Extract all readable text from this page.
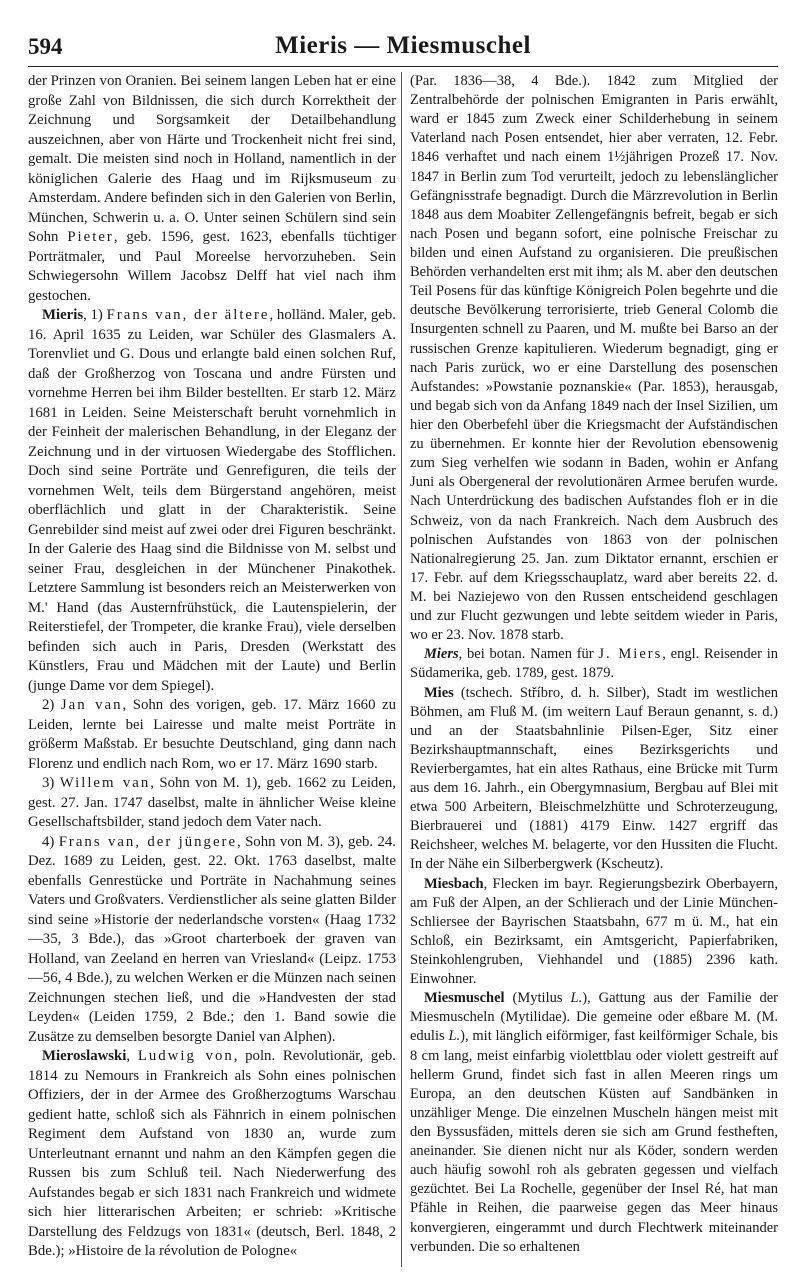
594	Mieris — Miesmuschel

der Prinzen von Oranien. Bei seinem langen Leben hat er eine große Zahl von Bildnissen, die sich durch Korrektheit der Zeichnung und Sorgsamkeit der Detailbehandlung auszeichnen, aber von Härte und Trockenheit nicht frei sind, gemalt. Die meisten sind noch in Holland, namentlich in der königlichen Galerie des Haag und im Rijksmuseum zu Amsterdam. Andere befinden sich in den Galerien von Berlin, München, Schwerin u. a. O. Unter seinen Schülern sind sein Sohn Pieter, geb. 1596, gest. 1623, ebenfalls tüchtiger Porträtmaler, und Paul Moreelse hervorzuheben. Sein Schwiegersohn Willem Jacobsz Delff hat viel nach ihm gestochen.

Mieris, 1) Frans van, der ältere, holländ. Maler, geb. 16. April 1635 zu Leiden, war Schüler des Glasmalers A. Torenvliet und G. Dous und erlangte bald einen solchen Ruf, daß der Großherzog von Toscana und andre Fürsten und vornehme Herren bei ihm Bilder bestellten. Er starb 12. März 1681 in Leiden. Seine Meisterschaft beruht vornehmlich in der Feinheit der malerischen Behandlung, in der Eleganz der Zeichnung und in der virtuosen Wiedergabe des Stofflichen. Doch sind seine Porträte und Genrefiguren, die teils der vornehmen Welt, teils dem Bürgerstand angehören, meist oberflächlich und glatt in der Charakteristik. Seine Genrebilder sind meist auf zwei oder drei Figuren beschränkt. In der Galerie des Haag sind die Bildnisse von M. selbst und seiner Frau, desgleichen in der Münchener Pinakothek. Letztere Sammlung ist besonders reich an Meisterwerken von M.' Hand (das Austernfrühstück, die Lautenspielerin, der Reiterstiefel, der Trompeter, die kranke Frau), viele derselben befinden sich auch in Paris, Dresden (Werkstatt des Künstlers, Frau und Mädchen mit der Laute) und Berlin (junge Dame vor dem Spiegel).

2) Jan van, Sohn des vorigen, geb. 17. März 1660 zu Leiden, lernte bei Lairesse und malte meist Porträte in größerm Maßstab. Er besuchte Deutschland, ging dann nach Florenz und endlich nach Rom, wo er 17. März 1690 starb.

3) Willem van, Sohn von M. 1), geb. 1662 zu Leiden, gest. 27. Jan. 1747 daselbst, malte in ähnlicher Weise kleine Gesellschaftsbilder, stand jedoch dem Vater nach.

4) Frans van, der jüngere, Sohn von M. 3), geb. 24. Dez. 1689 zu Leiden, gest. 22. Okt. 1763 daselbst, malte ebenfalls Genrestücke und Porträte in Nachahmung seines Vaters und Großvaters. Verdienstlicher als seine glatten Bilder sind seine »Historie der nederlandsche vorsten« (Haag 1732—35, 3 Bde.), das »Groot charterboek der graven van Holland, van Zeeland en herren van Vriesland« (Leipz. 1753—56, 4 Bde.), zu welchen Werken er die Münzen nach seinen Zeichnungen stechen ließ, und die »Handvesten der stad Leyden« (Leiden 1759, 2 Bde.; den 1. Band sowie die Zusätze zu demselben besorgte Daniel van Alphen).

Mieroslawski, Ludwig von, poln. Revolutionär, geb. 1814 zu Nemours in Frankreich als Sohn eines polnischen Offiziers, der in der Armee des Großherzogtums Warschau gedient hatte, schloß sich als Fähnrich in einem polnischen Regiment dem Aufstand von 1830 an, wurde zum Unterleutnant ernannt und nahm an den Kämpfen gegen die Russen bis zum Schluß teil. Nach Niederwerfung des Aufstandes begab er sich 1831 nach Frankreich und widmete sich hier litterarischen Arbeiten; er schrieb: »Kritische Darstellung des Feldzugs von 1831« (deutsch, Berl. 1848, 2 Bde.); »Histoire de la révolution de Pologne«

(Par. 1836—38, 4 Bde.). 1842 zum Mitglied der Zentralbehörde der polnischen Emigranten in Paris erwählt, ward er 1845 zum Zweck einer Schilderhebung in seinem Vaterland nach Posen entsendet, hier aber verraten, 12. Febr. 1846 verhaftet und nach einem 1½jährigen Prozeß 17. Nov. 1847 in Berlin zum Tod verurteilt, jedoch zu lebenslänglicher Gefängnisstrafe begnadigt. Durch die Märzrevolution in Berlin 1848 aus dem Moabiter Zellengefängnis befreit, begab er sich nach Posen und begann sofort, eine polnische Freischar zu bilden und einen Aufstand zu organisieren. Die preußischen Behörden verhandelten erst mit ihm; als M. aber den deutschen Teil Posens für das künftige Königreich Polen begehrte und die deutsche Bevölkerung terrorisierte, trieb General Colomb die Insurgenten schnell zu Paaren, und M. mußte bei Barso an der russischen Grenze kapitulieren. Wiederum begnadigt, ging er nach Paris zurück, wo er eine Darstellung des posenschen Aufstandes: »Powstanie poznanskie« (Par. 1853), herausgab, und begab sich von da Anfang 1849 nach der Insel Sizilien, um hier den Oberbefehl über die Kriegsmacht der Aufständischen zu übernehmen. Er konnte hier der Revolution ebensowenig zum Sieg verhelfen wie sodann in Baden, wohin er Anfang Juni als Obergeneral der revolutionären Armee berufen wurde. Nach Unterdrückung des badischen Aufstandes floh er in die Schweiz, von da nach Frankreich. Nach dem Ausbruch des polnischen Aufstandes von 1863 von der polnischen Nationalregierung 25. Jan. zum Diktator ernannt, erschien er 17. Febr. auf dem Kriegsschauplatz, ward aber bereits 22. d. M. bei Naziejewo von den Russen entscheidend geschlagen und zur Flucht gezwungen und lebte seitdem wieder in Paris, wo er 23. Nov. 1878 starb.

Miers, bei botan. Namen für J. Miers, engl. Reisender in Südamerika, geb. 1789, gest. 1879.

Mies (tschech. Stříbro, d. h. Silber), Stadt im westlichen Böhmen, am Fluß M. (im weitern Lauf Beraun genannt, s. d.) und an der Staatsbahnlinie Pilsen-Eger, Sitz einer Bezirkshauptmannschaft, eines Bezirksgerichts und Revierbergamtes, hat ein altes Rathaus, eine Brücke mit Turm aus dem 16. Jahrh., ein Obergymnasium, Bergbau auf Blei mit etwa 500 Arbeitern, Bleischmelzhütte und Schroterzeugung, Bierbrauerei und (1881) 4179 Einw. 1427 ergriff das Reichsheer, welches M. belagerte, vor den Hussiten die Flucht. In der Nähe ein Silberbergwerk (Kscheutz).

Miesbach, Flecken im bayr. Regierungsbezirk Oberbayern, am Fuß der Alpen, an der Schlierach und der Linie München-Schliersee der Bayrischen Staatsbahn, 677 m ü. M., hat ein Schloß, ein Bezirksamt, ein Amtsgericht, Papierfabriken, Steinkohlengruben, Viehhandel und (1885) 2396 kath. Einwohner.

Miesmuschel (Mytilus L.), Gattung aus der Familie der Miesmuscheln (Mytilidae). Die gemeine oder eßbare M. (M. edulis L.), mit länglich eiförmiger, fast keilförmiger Schale, bis 8 cm lang, meist einfarbig violettblau oder violett gestreift auf hellerm Grund, findet sich fast in allen Meeren rings um Europa, an den deutschen Küsten auf Sandbänken in unzähliger Menge. Die einzelnen Muscheln hängen meist mit den Byssusfäden, mittels deren sie sich am Grund festheften, aneinander. Sie dienen nicht nur als Köder, sondern werden auch häufig sowohl roh als gebraten gegessen und vielfach gezüchtet. Bei La Rochelle, gegenüber der Insel Ré, hat man Pfähle in Reihen, die paarweise gegen das Meer hinaus konvergieren, eingerammt und durch Flechtwerk miteinander verbunden. Die so erhaltenen
